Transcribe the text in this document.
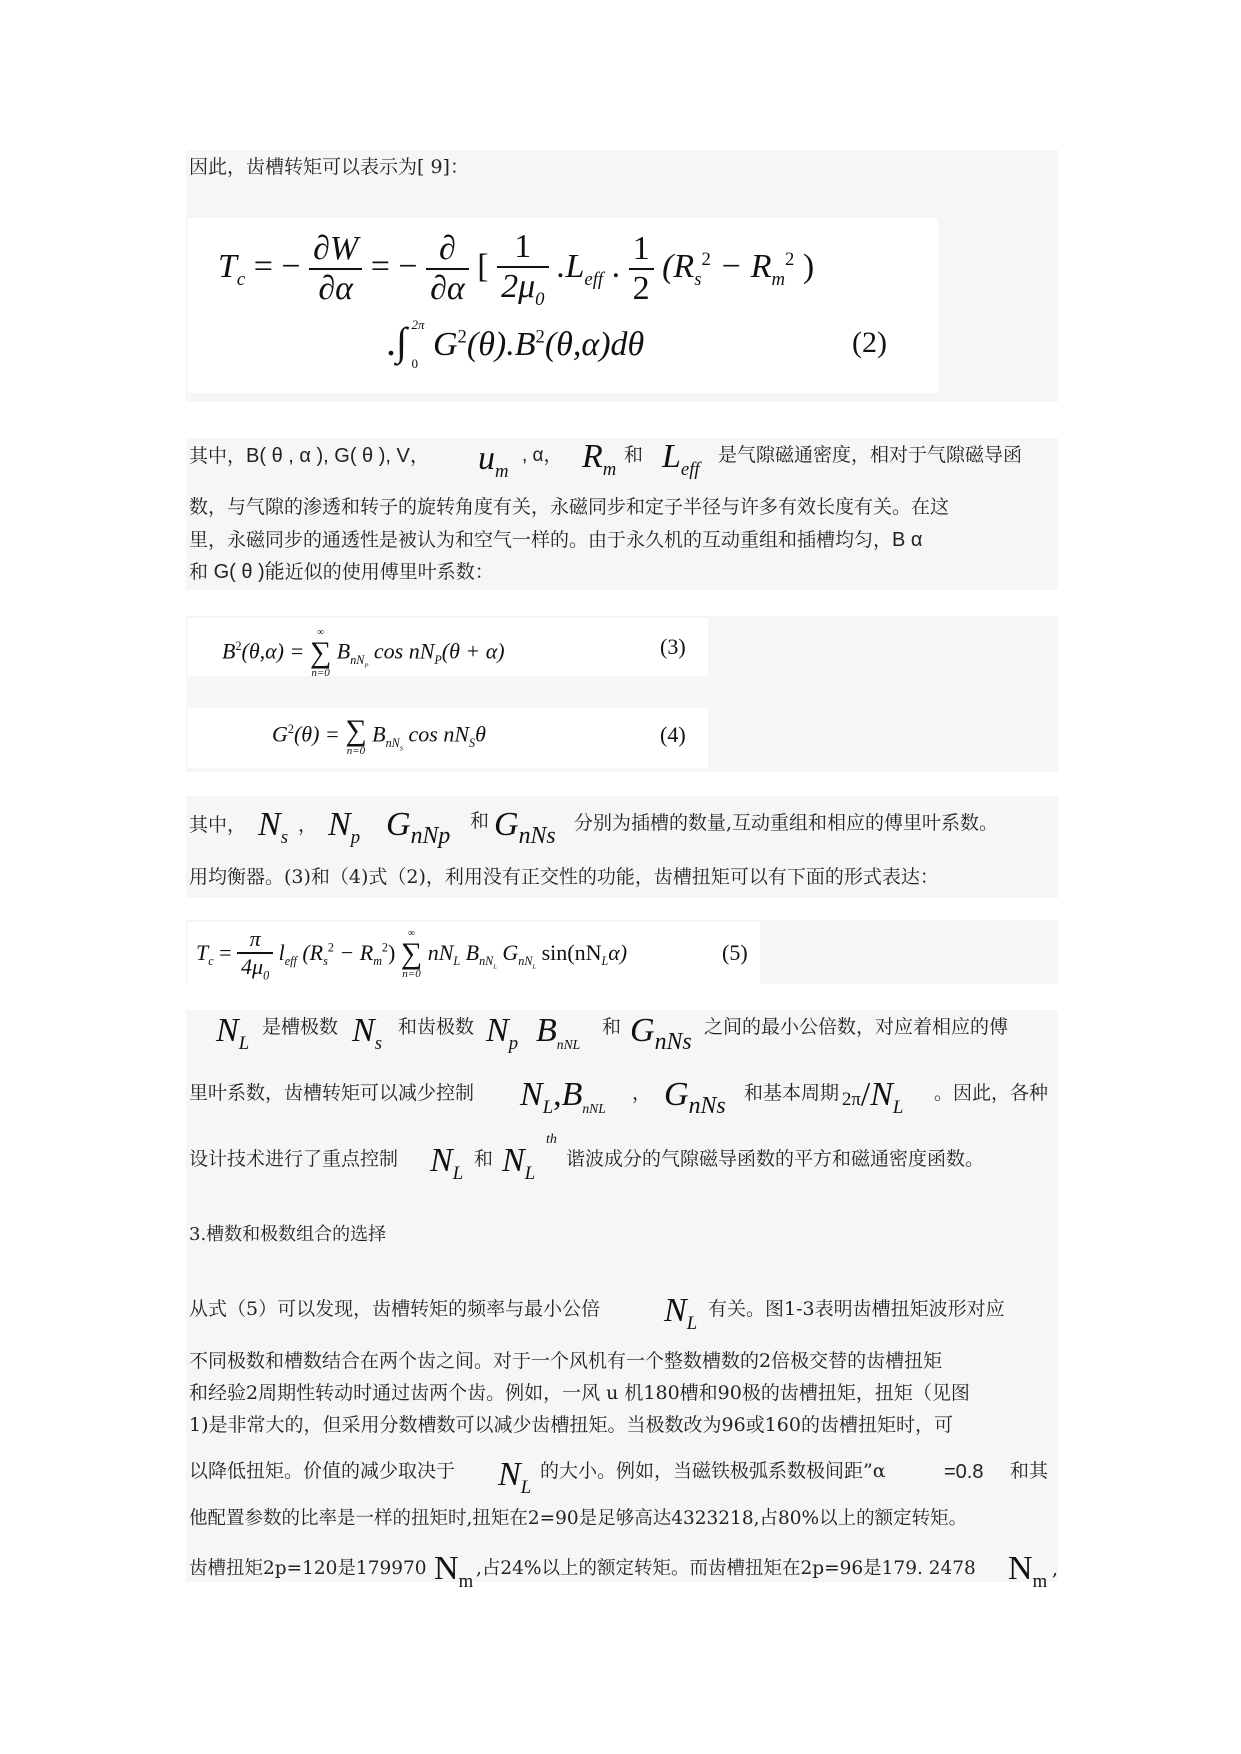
因此，齿槽转矩可以表示为[ 9]：
$T_c$ = − $\frac{\partial W}{\partial\alpha}$ = − $\frac{\partial}{\partial\alpha}$ [ $\frac{1}{2\mu_0} .L_{eff}$ . $\frac{1}{2} (R_s^2 - R_m^2$ )
.∫ 2π
0
$G^2(\theta).B^2(\theta,\alpha)d\theta$	(2)
其中，B( θ , α ), G( θ ), V， $u_m$
, α， $R_m$
和 $L_{eff}$
是气隙磁通密度，相对于气隙磁导函
数，与气隙的渗透和转子的旋转角度有关，永磁同步和定子半径与许多有效长度有关。在这
里，永磁同步的通透性是被认为和空气一样的。由于永久机的互动重组和插槽均匀，B α
和 G( θ )能近似的使用傅里叶系数：
$B^2(\theta,\alpha)$ =
∞
∑
n=0
$B_{nN_P}$ $\cos nN_P(\theta + \alpha)$	(3)
$G^2(\theta)$ = ∑
n=0
$B_{nN_S}$ $\cos nN_S\theta$	(4)
其中， $N_s$
， $N_p$ $G_{nNp}$
和 $G_{nNs}$ 分别为插槽的数量,互动重组和相应的傅里叶系数。
用均衡器。(3)和（4)式（2)，利用没有正交性的功能，齿槽扭矩可以有下面的形式表达：
$T_c = \frac{\pi}{4\mu_0} l_{eff}$ $(R_s^2 - R_m^2)$
∞
∑
n=0
$nN_L$ $B_{nN_L}$ $G_{nN_L}$ $\sin(nN_L\alpha)$	(5)
$N_L$
是槽极数 $N_s$
和齿极数 $N_p$ $B_{nNL}$
和 $G_{nNs}$
之间的最小公倍数，对应着相应的傅
里叶系数，齿槽转矩可以减少控制 $N_L,B_{nNL}$
， $G_{nNs}$ 和基本周期 $2\pi/N_L$
。因此，各种
设计技术进行了重点控制 $N_L$
和 $N_L$
th
谐波成分的气隙磁导函数的平方和磁通密度函数。
3.槽数和极数组合的选择
从式（5）可以发现，齿槽转矩的频率与最小公倍 $N_L$
有关。图1-3表明齿槽扭矩波形对应
不同极数和槽数结合在两个齿之间。对于一个风机有一个整数槽数的2倍极交替的齿槽扭矩
和经验2周期性转动时通过齿两个齿。例如，一风 u 机180槽和90极的齿槽扭矩，扭矩（见图
1)是非常大的，但采用分数槽数可以减少齿槽扭矩。当极数改为96或160的齿槽扭矩时，可
以降低扭矩。价值的减少取决于 $N_L$
的大小。例如，当磁铁极弧系数极间距”α	=0.8 和其
他配置参数的比率是一样的扭矩时,扭矩在2=90是足够高达4323218,占80%以上的额定转矩。
齿槽扭矩2p=120是179970 $N_m$
,占24%以上的额定转矩。而齿槽扭矩在2p=96是179. 2478 $N_m$
,
